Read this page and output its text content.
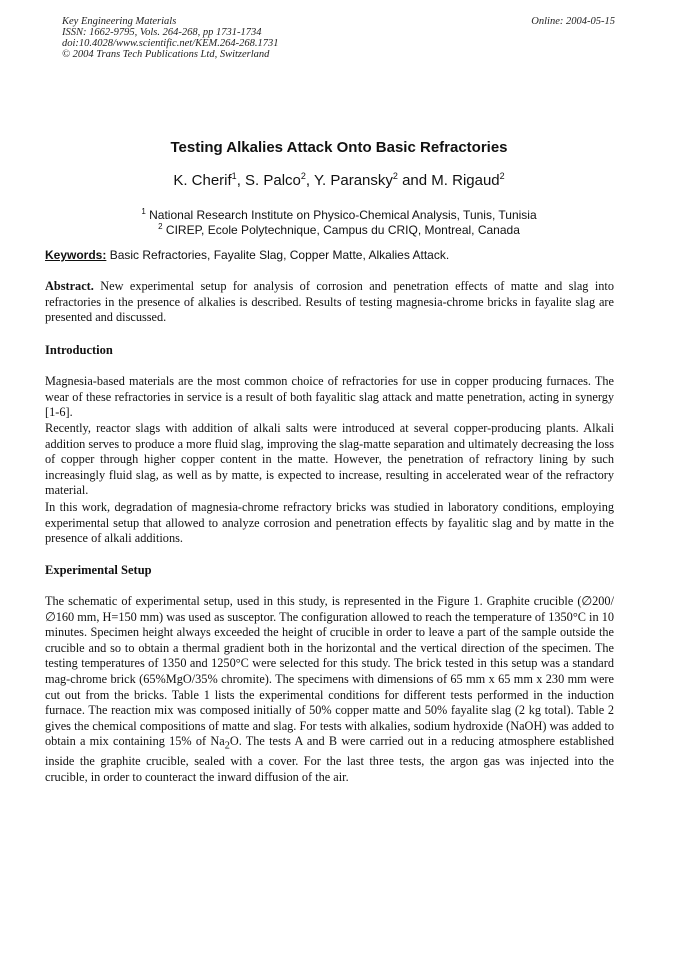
Key Engineering Materials
ISSN: 1662-9795, Vols. 264-268, pp 1731-1734
doi:10.4028/www.scientific.net/KEM.264-268.1731
© 2004 Trans Tech Publications Ltd, Switzerland
Online: 2004-05-15
Testing Alkalies Attack Onto Basic Refractories
K. Cherif$^1$, S. Palco$^2$, Y. Paransky$^2$ and M. Rigaud$^2$
$^1$ National Research Institute on Physico-Chemical Analysis, Tunis, Tunisia
$^2$ CIREP, Ecole Polytechnique, Campus du CRIQ, Montreal, Canada
Keywords: Basic Refractories, Fayalite Slag, Copper Matte, Alkalies Attack.

Abstract. New experimental setup for analysis of corrosion and penetration effects of matte and slag into refractories in the presence of alkalies is described. Results of testing magnesia-chrome bricks in fayalite slag are presented and discussed.

Introduction

Magnesia-based materials are the most common choice of refractories for use in copper producing furnaces. The wear of these refractories in service is a result of both fayalitic slag attack and matte penetration, acting in synergy [1-6].

Recently, reactor slags with addition of alkali salts were introduced at several copper-producing plants. Alkali addition serves to produce a more fluid slag, improving the slag-matte separation and ultimately decreasing the loss of copper through higher copper content in the matte. However, the penetration of refractory lining by such increasingly fluid slag, as well as by matte, is expected to increase, resulting in accelerated wear of the refractory material.

In this work, degradation of magnesia-chrome refractory bricks was studied in laboratory conditions, employing experimental setup that allowed to analyze corrosion and penetration effects by fayalitic slag and by matte in the presence of alkali additions.

Experimental Setup

The schematic of experimental setup, used in this study, is represented in the Figure 1. Graphite crucible (∅200/∅160 mm, H=150 mm) was used as susceptor. The configuration allowed to reach the temperature of 1350°C in 10 minutes. Specimen height always exceeded the height of crucible in order to leave a part of the sample outside the crucible and so to obtain a thermal gradient both in the horizontal and the vertical direction of the specimen. The testing temperatures of 1350 and 1250°C were selected for this study. The brick tested in this setup was a standard mag-chrome brick (65%MgO/35% chromite). The specimens with dimensions of 65 mm x 65 mm x 230 mm were cut out from the bricks. Table 1 lists the experimental conditions for different tests performed in the induction furnace. The reaction mix was composed initially of 50% copper matte and 50% fayalite slag (2 kg total). Table 2 gives the chemical compositions of matte and slag. For tests with alkalies, sodium hydroxide (NaOH) was added to obtain a mix containing 15% of $Na_2O$. The tests A and B were carried out in a reducing atmosphere established inside the graphite crucible, sealed with a cover. For the last three tests, the argon gas was injected into the crucible, in order to counteract the inward diffusion of the air.
